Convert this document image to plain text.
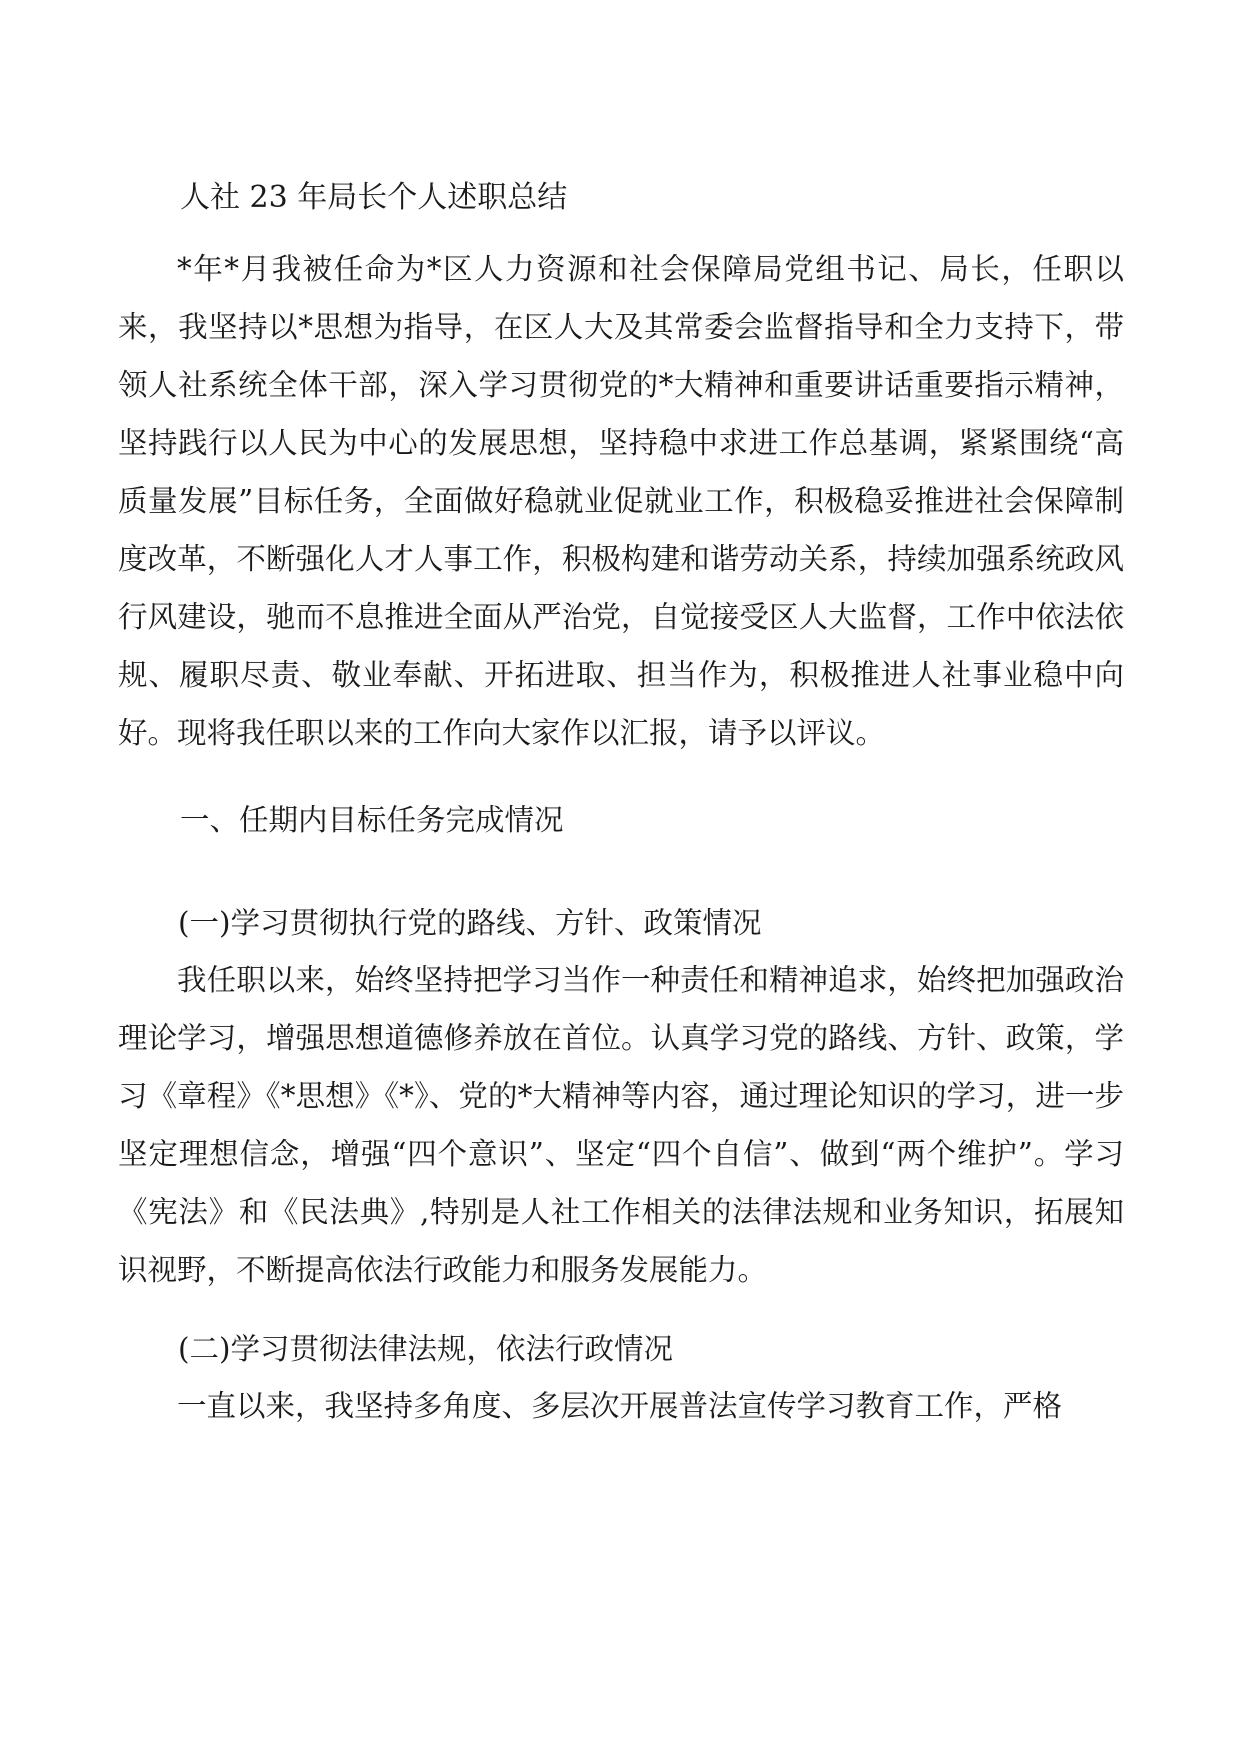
人社 23 年局长个人述职总结

*年*月我被任命为*区人力资源和社会保障局党组书记、局长，任职以来，我坚持以*思想为指导，在区人大及其常委会监督指导和全力支持下，带领人社系统全体干部，深入学习贯彻党的*大精神和重要讲话重要指示精神，坚持践行以人民为中心的发展思想，坚持稳中求进工作总基调，紧紧围绕“高质量发展”目标任务，全面做好稳就业促就业工作，积极稳妥推进社会保障制度改革，不断强化人才人事工作，积极构建和谐劳动关系，持续加强系统政风行风建设，驰而不息推进全面从严治党，自觉接受区人大监督，工作中依法依规、履职尽责、敬业奉献、开拓进取、担当作为，积极推进人社事业稳中向好。现将我任职以来的工作向大家作以汇报，请予以评议。

一、任期内目标任务完成情况
(一)学习贯彻执行党的路线、方针、政策情况

我任职以来，始终坚持把学习当作一种责任和精神追求，始终把加强政治理论学习，增强思想道德修养放在首位。认真学习党的路线、方针、政策，学习《章程》《*思想》《*》、党的*大精神等内容，通过理论知识的学习，进一步坚定理想信念，增强“四个意识”、坚定“四个自信”、做到“两个维护”。学习《宪法》和《民法典》,特别是人社工作相关的法律法规和业务知识，拓展知识视野，不断提高依法行政能力和服务发展能力。

(二)学习贯彻法律法规，依法行政情况

一直以来，我坚持多角度、多层次开展普法宣传学习教育工作，严格
